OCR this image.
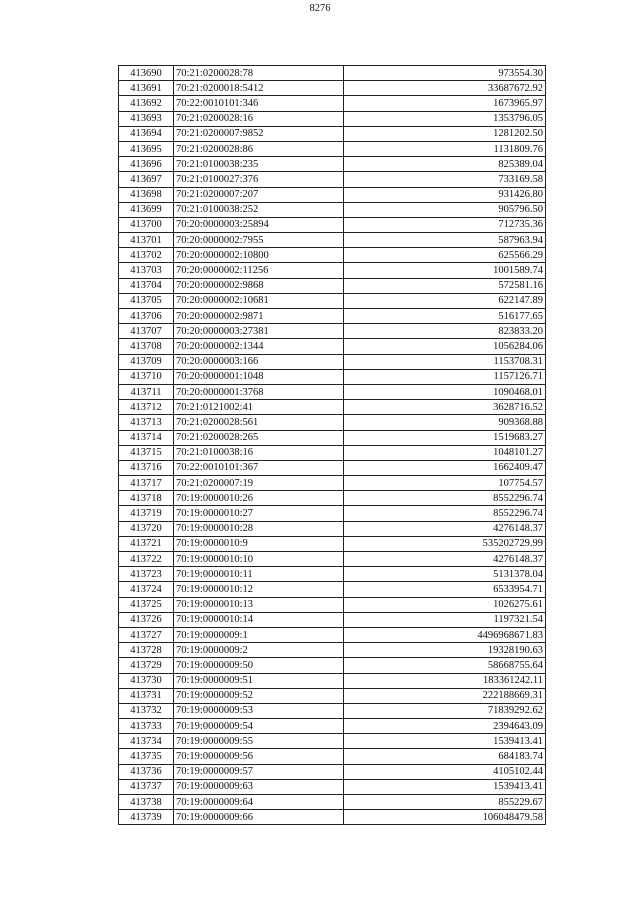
8276
413690	70:21:0200028:78	973554.30
413691	70:21:0200018:5412	33687672.92
413692	70:22:0010101:346	1673965.97
413693	70:21:0200028:16	1353796.05
413694	70:21:0200007:9852	1281202.50
413695	70:21:0200028:86	1131809.76
413696	70:21:0100038:235	825389.04
413697	70:21:0100027:376	733169.58
413698	70:21:0200007:207	931426.80
413699	70:21:0100038:252	905796.50
413700	70:20:0000003:25894	712735.36
413701	70:20:0000002:7955	587963.94
413702	70:20:0000002:10800	625566.29
413703	70:20:0000002:11256	1001589.74
413704	70:20:0000002:9868	572581.16
413705	70:20:0000002:10681	622147.89
413706	70:20:0000002:9871	516177.65
413707	70:20:0000003:27381	823833.20
413708	70:20:0000002:1344	1056284.06
413709	70:20:0000003:166	1153708.31
413710	70:20:0000001:1048	1157126.71
413711	70:20:0000001:3768	1090468.01
413712	70:21:0121002:41	3628716.52
413713	70:21:0200028:561	909368.88
413714	70:21:0200028:265	1519683.27
413715	70:21:0100038:16	1048101.27
413716	70:22:0010101:367	1662409.47
413717	70:21:0200007:19	107754.57
413718	70:19:0000010:26	8552296.74
413719	70:19:0000010:27	8552296.74
413720	70:19:0000010:28	4276148.37
413721	70:19:0000010:9	535202729.99
413722	70:19:0000010:10	4276148.37
413723	70:19:0000010:11	5131378.04
413724	70:19:0000010:12	6533954.71
413725	70:19:0000010:13	1026275.61
413726	70:19:0000010:14	1197321.54
413727	70:19:0000009:1	4496968671.83
413728	70:19:0000009:2	19328190.63
413729	70:19:0000009:50	58668755.64
413730	70:19:0000009:51	183361242.11
413731	70:19:0000009:52	222188669.31
413732	70:19:0000009:53	71839292.62
413733	70:19:0000009:54	2394643.09
413734	70:19:0000009:55	1539413.41
413735	70:19:0000009:56	684183.74
413736	70:19:0000009:57	4105102.44
413737	70:19:0000009:63	1539413.41
413738	70:19:0000009:64	855229.67
413739	70:19:0000009:66	106048479.58
